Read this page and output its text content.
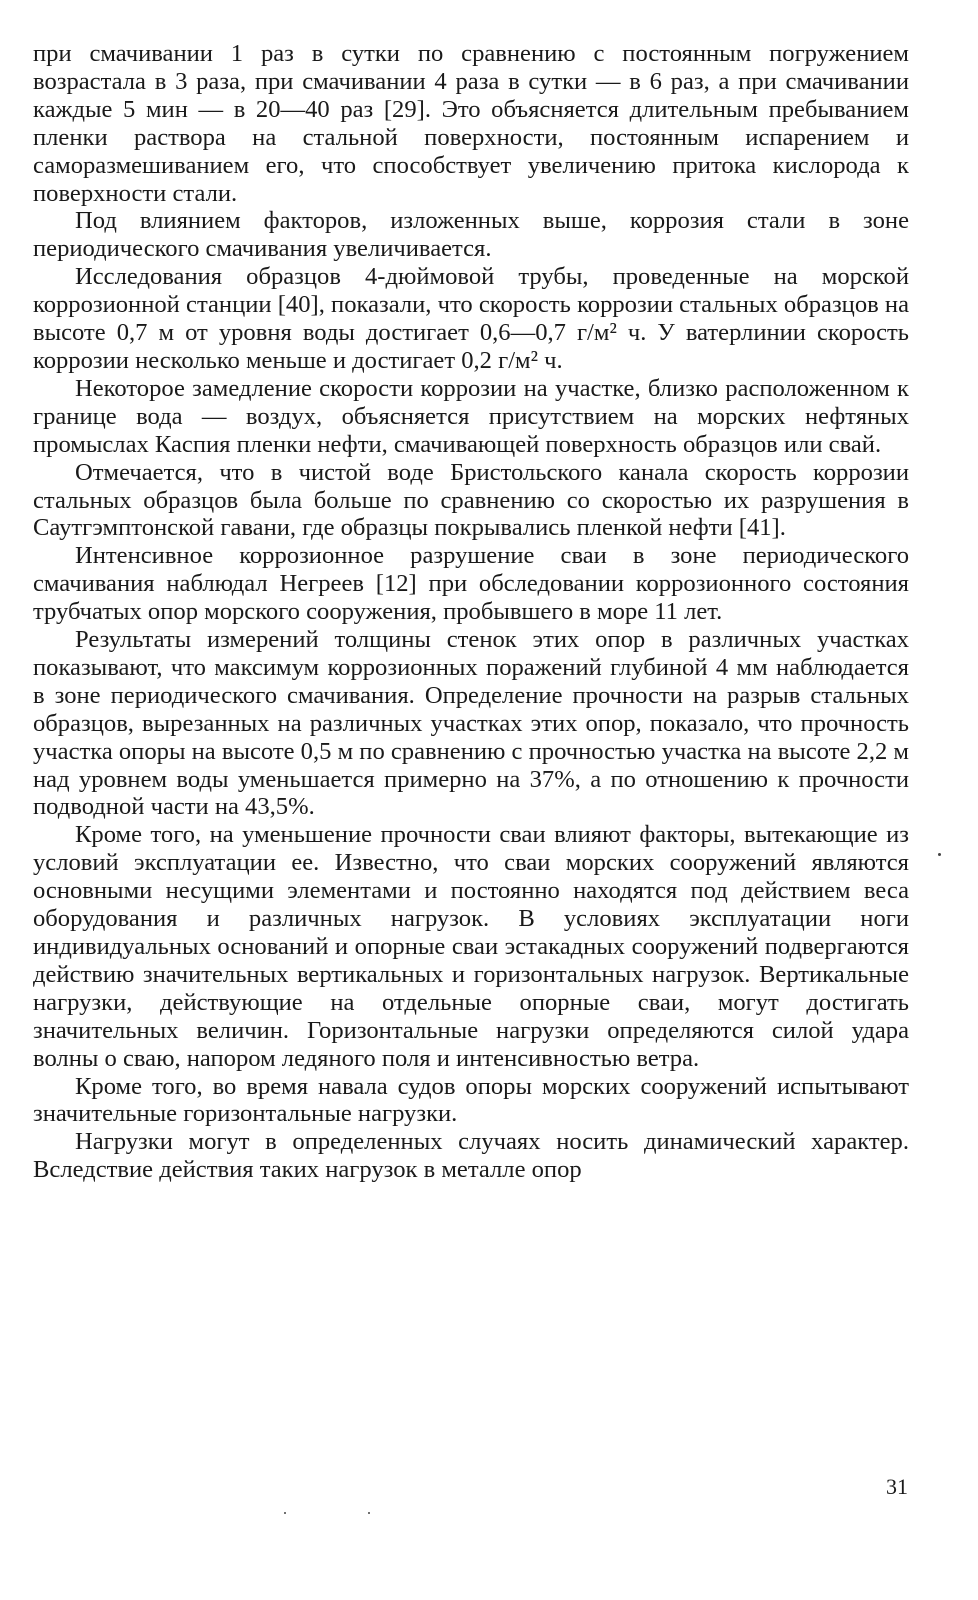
при смачивании 1 раз в сутки по сравнению с постоянным погружением возрастала в 3 раза, при смачивании 4 раза в сутки — в 6 раз, а при смачивании каждые 5 мин — в 20—40 раз [29]. Это объясняется длительным пребыванием пленки раствора на стальной поверхности, постоянным испарением и саморазмешиванием его, что способствует увеличению притока кислорода к поверхности стали.

Под влиянием факторов, изложенных выше, коррозия стали в зоне периодического смачивания увеличивается.

Исследования образцов 4-дюймовой трубы, проведенные на морской коррозионной станции [40], показали, что скорость коррозии стальных образцов на высоте 0,7 м от уровня воды достигает 0,6—0,7 г/м² ч. У ватерлинии скорость коррозии несколько меньше и достигает 0,2 г/м² ч.

Некоторое замедление скорости коррозии на участке, близко расположенном к границе вода — воздух, объясняется присутствием на морских нефтяных промыслах Каспия пленки нефти, смачивающей поверхность образцов или свай.

Отмечается, что в чистой воде Бристольского канала скорость коррозии стальных образцов была больше по сравнению со скоростью их разрушения в Саутгэмптонской гавани, где образцы покрывались пленкой нефти [41].

Интенсивное коррозионное разрушение сваи в зоне периодического смачивания наблюдал Негреев [12] при обследовании коррозионного состояния трубчатых опор морского сооружения, пробывшего в море 11 лет.

Результаты измерений толщины стенок этих опор в различных участках показывают, что максимум коррозионных поражений глубиной 4 мм наблюдается в зоне периодического смачивания. Определение прочности на разрыв стальных образцов, вырезанных на различных участках этих опор, показало, что прочность участка опоры на высоте 0,5 м по сравнению с прочностью участка на высоте 2,2 м над уровнем воды уменьшается примерно на 37%, а по отношению к прочности подводной части на 43,5%.

Кроме того, на уменьшение прочности сваи влияют факторы, вытекающие из условий эксплуатации ее. Известно, что сваи морских сооружений являются основными несущими элементами и постоянно находятся под действием веса оборудования и различных нагрузок. В условиях эксплуатации ноги индивидуальных оснований и опорные сваи эстакадных сооружений подвергаются действию значительных вертикальных и горизонтальных нагрузок. Вертикальные нагрузки, действующие на отдельные опорные сваи, могут достигать значительных величин. Горизонтальные нагрузки определяются силой удара волны о сваю, напором ледяного поля и интенсивностью ветра.

Кроме того, во время навала судов опоры морских сооружений испытывают значительные горизонтальные нагрузки.

Нагрузки могут в определенных случаях носить динамический характер. Вследствие действия таких нагрузок в металле опор

31
